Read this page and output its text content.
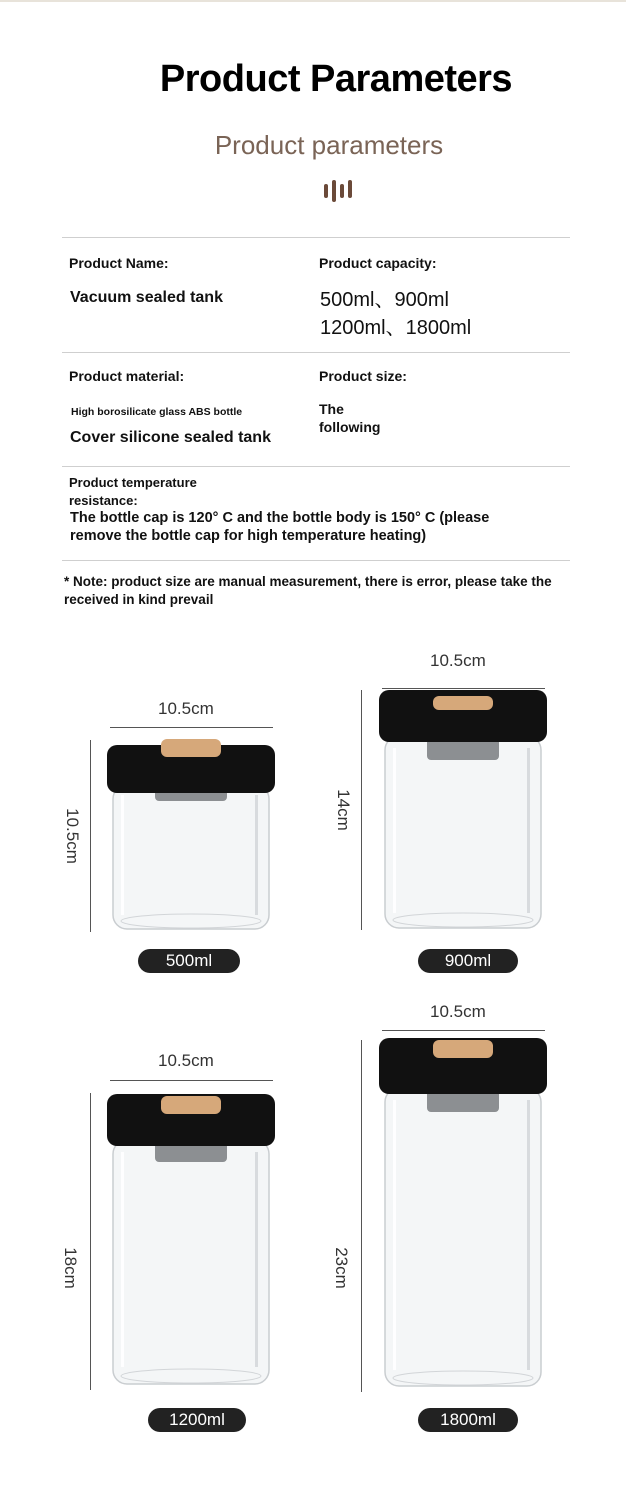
Product Parameters
Product parameters
Product Name:
Vacuum sealed tank
Product capacity:
500ml、900ml
1200ml、1800ml
Product material:
High borosilicate glass ABS bottle
Cover silicone sealed tank
Product size:
The
following
Product temperature
resistance:
The bottle cap is 120° C and the bottle body is 150° C (please
remove the bottle cap for high temperature heating)
* Note: product size are manual measurement, there is error, please take the received in kind prevail
10.5cm
10.5cm
500ml
10.5cm
14cm
900ml
10.5cm
18cm
1200ml
10.5cm
23cm
1800ml
